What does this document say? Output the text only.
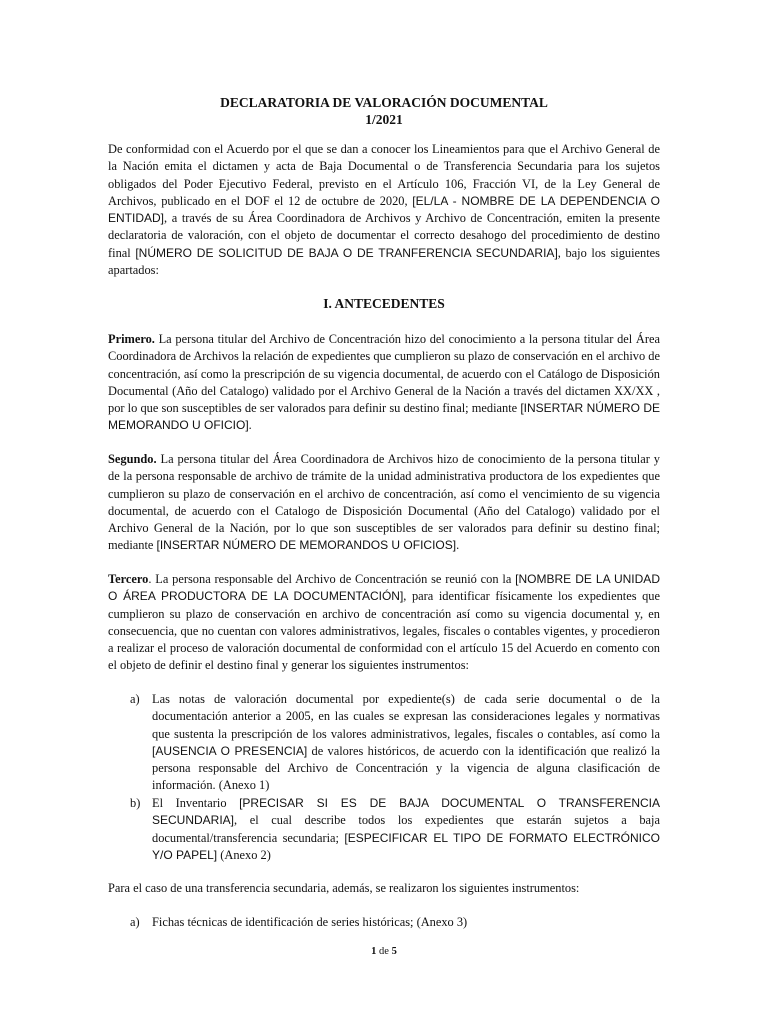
DECLARATORIA DE VALORACIÓN DOCUMENTAL
1/2021

De conformidad con el Acuerdo por el que se dan a conocer los Lineamientos para que el Archivo General de la Nación emita el dictamen y acta de Baja Documental o de Transferencia Secundaria para los sujetos obligados del Poder Ejecutivo Federal, previsto en el Artículo 106, Fracción VI, de la Ley General de Archivos, publicado en el DOF el 12 de octubre de 2020, [EL/LA - NOMBRE DE LA DEPENDENCIA O ENTIDAD], a través de su Área Coordinadora de Archivos y Archivo de Concentración, emiten la presente declaratoria de valoración, con el objeto de documentar el correcto desahogo del procedimiento de destino final [NÚMERO DE SOLICITUD DE BAJA O DE TRANFERENCIA SECUNDARIA], bajo los siguientes apartados:

I. ANTECEDENTES

Primero. La persona titular del Archivo de Concentración hizo del conocimiento a la persona titular del Área Coordinadora de Archivos la relación de expedientes que cumplieron su plazo de conservación en el archivo de concentración, así como la prescripción de su vigencia documental, de acuerdo con el Catálogo de Disposición Documental (Año del Catalogo) validado por el Archivo General de la Nación a través del dictamen XX/XX , por lo que son susceptibles de ser valorados para definir su destino final; mediante [INSERTAR NÚMERO DE MEMORANDO U OFICIO].

Segundo. La persona titular del Área Coordinadora de Archivos hizo de conocimiento de la persona titular y de la persona responsable de archivo de trámite de la unidad administrativa productora de los expedientes que cumplieron su plazo de conservación en el archivo de concentración, así como el vencimiento de su vigencia documental, de acuerdo con el Catalogo de Disposición Documental (Año del Catalogo) validado por el Archivo General de la Nación, por lo que son susceptibles de ser valorados para definir su destino final; mediante [INSERTAR NÚMERO DE MEMORANDOS U OFICIOS].

Tercero. La persona responsable del Archivo de Concentración se reunió con la [NOMBRE DE LA UNIDAD O ÁREA PRODUCTORA DE LA DOCUMENTACIÓN], para identificar físicamente los expedientes que cumplieron su plazo de conservación en archivo de concentración así como su vigencia documental y, en consecuencia, que no cuentan con valores administrativos, legales, fiscales o contables vigentes, y procedieron a realizar el proceso de valoración documental de conformidad con el artículo 15 del Acuerdo en comento con el objeto de definir el destino final y generar los siguientes instrumentos:

a) Las notas de valoración documental por expediente(s) de cada serie documental o de la documentación anterior a 2005, en las cuales se expresan las consideraciones legales y normativas que sustenta la prescripción de los valores administrativos, legales, fiscales o contables, así como la [AUSENCIA O PRESENCIA] de valores históricos, de acuerdo con la identificación que realizó la persona responsable del Archivo de Concentración y la vigencia de alguna clasificación de información. (Anexo 1)
b) El Inventario [PRECISAR SI ES DE BAJA DOCUMENTAL O TRANSFERENCIA SECUNDARIA], el cual describe todos los expedientes que estarán sujetos a baja documental/transferencia secundaria; [ESPECIFICAR EL TIPO DE FORMATO ELECTRÓNICO Y/O PAPEL] (Anexo 2)

Para el caso de una transferencia secundaria, además, se realizaron los siguientes instrumentos:

a) Fichas técnicas de identificación de series históricas; (Anexo 3)
1 de 5
